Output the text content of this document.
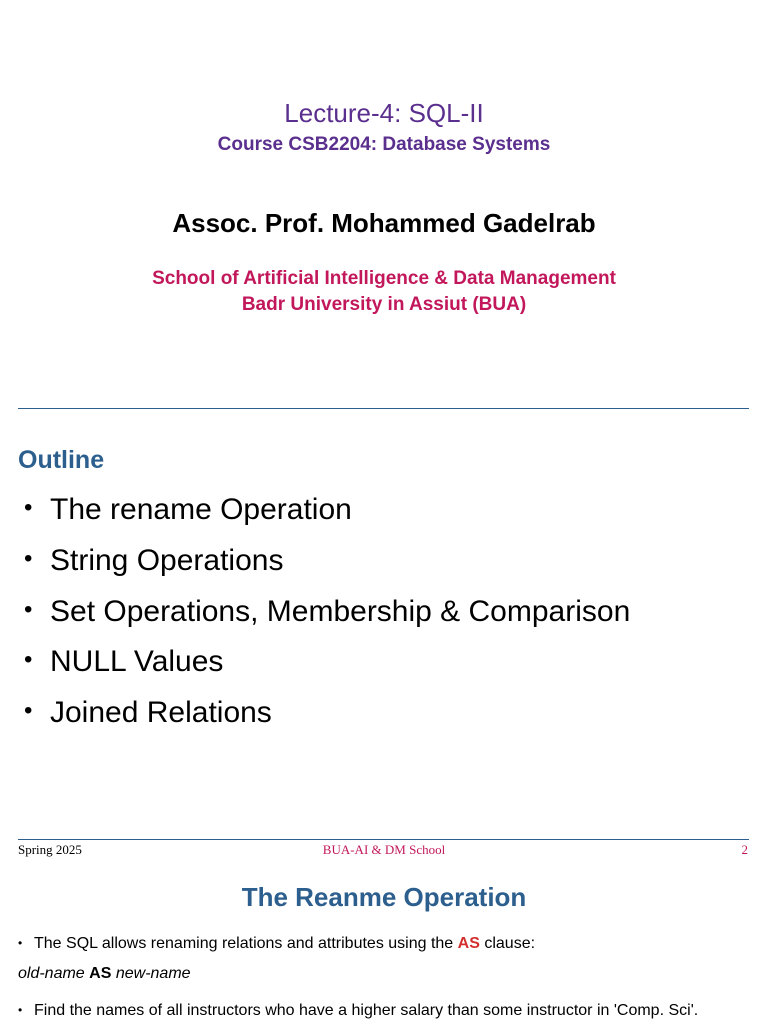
Lecture-4: SQL-II
Course CSB2204: Database Systems
Assoc. Prof. Mohammed Gadelrab
School of Artificial Intelligence & Data Management
Badr University in Assiut (BUA)
Outline
• The rename Operation
• String Operations
• Set Operations, Membership & Comparison
• NULL Values
• Joined Relations
BUA-AI & DM School
Spring 2025	2
The Reanme Operation
• The SQL allows renaming relations and attributes using the AS clause:
old-name AS new-name
• Find the names of all instructors who have a higher salary than some instructor in 'Comp. Sci'.
